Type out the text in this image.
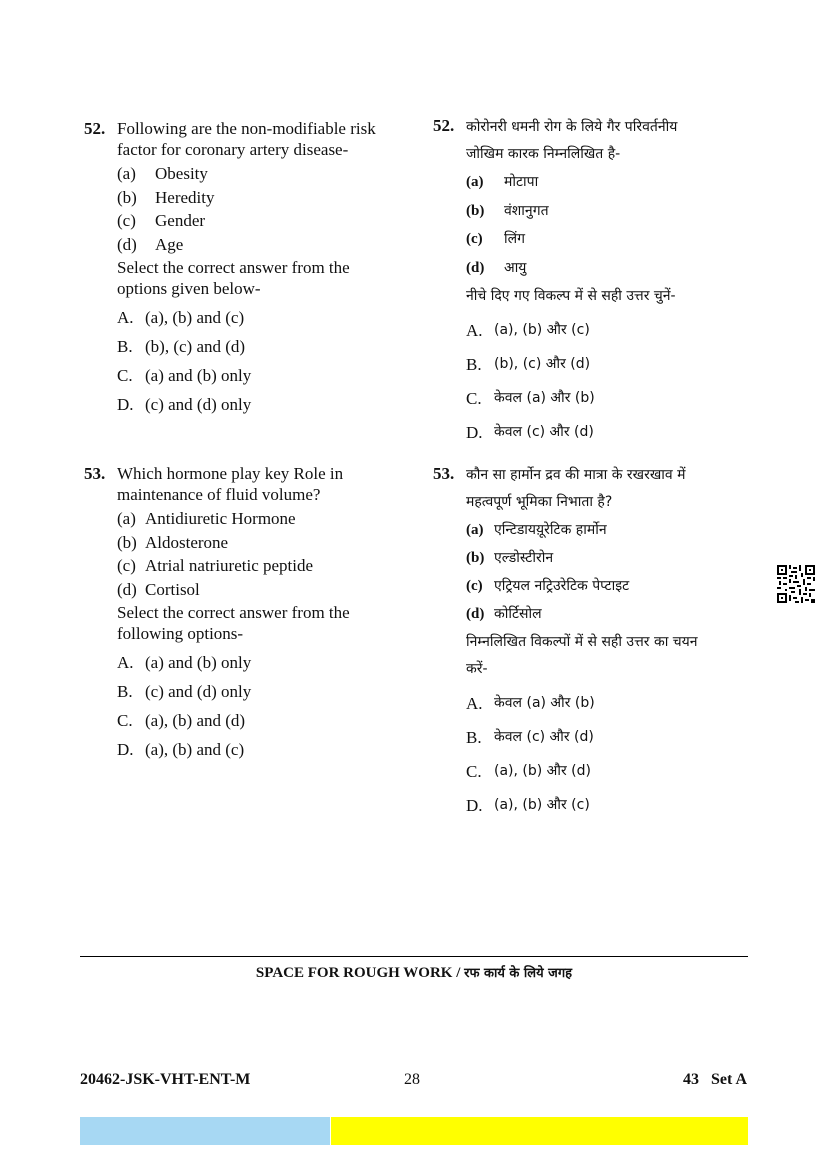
52. Following are the non-modifiable risk
factor for coronary artery disease-
(a)	Obesity
(b)	Heredity
(c)	Gender
(d)	Age
Select the correct answer from the
options given below-
A. (a), (b) and (c)
B. (b), (c) and (d)
C. (a) and (b) only
D. (c) and (d) only
53. Which hormone play key Role in
maintenance of fluid volume?
(a) Antidiuretic Hormone
(b) Aldosterone
(c) Atrial natriuretic peptide
(d) Cortisol
Select the correct answer from the
following options-
A. (a) and (b) only
B. (c) and (d) only
C. (a), (b) and (d)
D. (a), (b) and (c)
52. कोरोनरी धमनी रोग के लिये गैर परिवर्तनीय
जोखिम कारक निम्नलिखित है-
(a)	मोटापा
(b)	वंशानुगत
(c)	लिंग
(d)	आयु
नीचे दिए गए विकल्प में से सही उत्तर चुनें-
A. (a), (b) और (c)
B. (b), (c) और (d)
C. केवल (a) और (b)
D. केवल (c) और (d)
53. कौन सा हार्मोन द्रव की मात्रा के रखरखाव में
महत्वपूर्ण भूमिका निभाता है?
(a) एन्टिडायय़ूरेटिक हार्मोन
(b) एल्डोस्टीरोन
(c) एट्रियल नट्रिउरेटिक पेप्टाइट
(d) कोर्टिसोल
निम्नलिखित विकल्पों में से सही उत्तर का चयन
करें-
A. केवल (a) और (b)
B. केवल (c) और (d)
C. (a), (b) और (d)
D. (a), (b) और (c)
SPACE FOR ROUGH WORK / रफ कार्य के लिये जगह
20462-JSK-VHT-ENT-M	28	43   Set A
